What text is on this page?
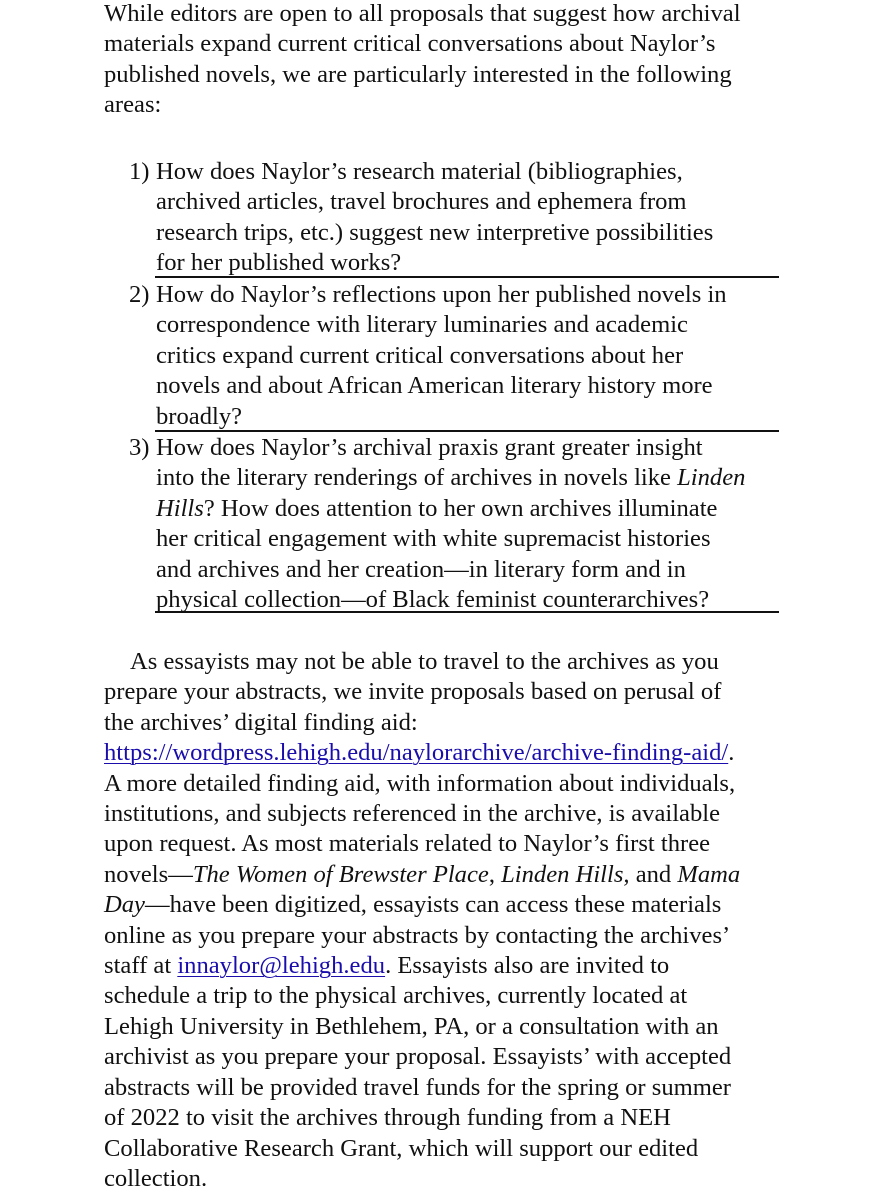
While editors are open to all proposals that suggest how archival materials expand current critical conversations about Naylor’s published novels, we are particularly interested in the following areas:

1) How does Naylor’s research material (bibliographies,
archived articles, travel brochures and ephemera from
research trips, etc.) suggest new interpretive possibilities
for her published works?
2) How do Naylor’s reflections upon her published novels in
correspondence with literary luminaries and academic
critics expand current critical conversations about her
novels and about African American literary history more
broadly?
3) How does Naylor’s archival praxis grant greater insight
into the literary renderings of archives in novels like Linden
Hills? How does attention to her own archives illuminate
her critical engagement with white supremacist histories
and archives and her creation—in literary form and in
physical collection—of Black feminist counterarchives?

As essayists may not be able to travel to the archives as you
prepare your abstracts, we invite proposals based on perusal of
the archives’ digital finding aid:
https://wordpress.lehigh.edu/naylorarchive/archive-finding-aid/.
A more detailed finding aid, with information about individuals,
institutions, and subjects referenced in the archive, is available
upon request. As most materials related to Naylor’s first three
novels—The Women of Brewster Place, Linden Hills, and Mama
Day—have been digitized, essayists can access these materials
online as you prepare your abstracts by contacting the archives’
staff at innaylor@lehigh.edu. Essayists also are invited to
schedule a trip to the physical archives, currently located at
Lehigh University in Bethlehem, PA, or a consultation with an
archivist as you prepare your proposal. Essayists’ with accepted
abstracts will be provided travel funds for the spring or summer
of 2022 to visit the archives through funding from a NEH
Collaborative Research Grant, which will support our edited
collection.
